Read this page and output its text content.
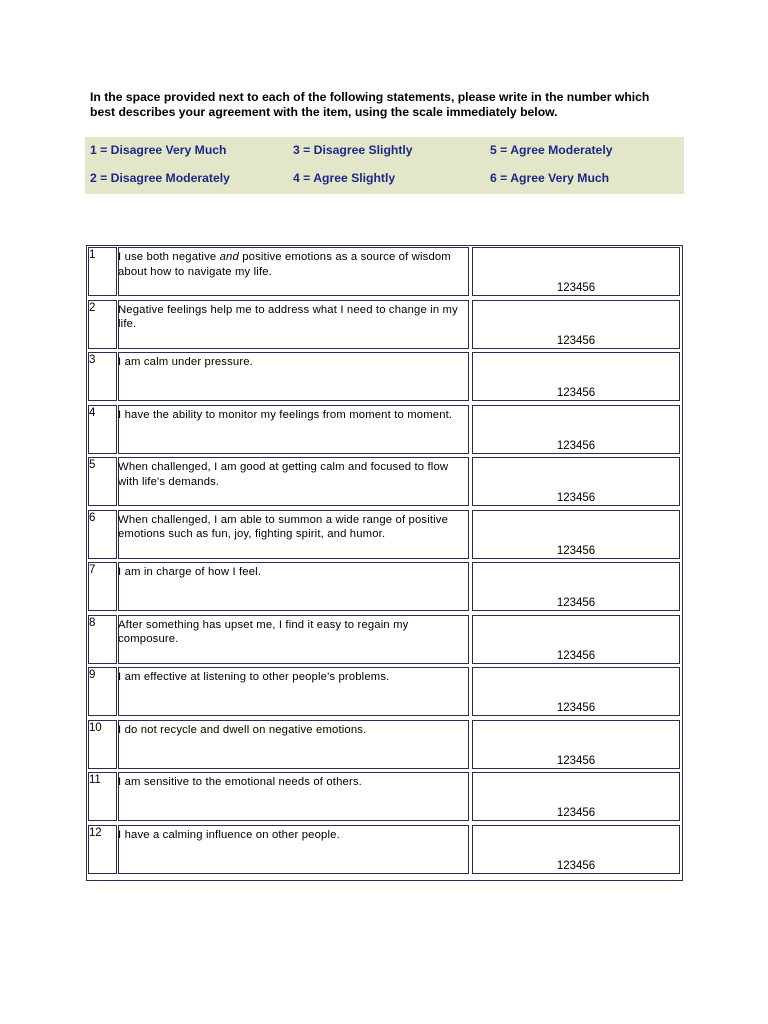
In the space provided next to each of the following statements, please write in the number which
best describes your agreement with the item, using the scale immediately below.
1 = Disagree Very Much	3 = Disagree Slightly	5 = Agree Moderately
2 = Disagree Moderately	4 = Agree Slightly	6 = Agree Very Much
1 I use both negative and positive emotions as a source of wisdom about how to navigate my life.
123456
2 Negative feelings help me to address what I need to change in my life.
123456
3 I am calm under pressure.
123456
4 I have the ability to monitor my feelings from moment to moment.
123456
5 When challenged, I am good at getting calm and focused to flow with life's demands.
123456
6 When challenged, I am able to summon a wide range of positive emotions such as fun, joy, fighting spirit, and humor.
123456
7 I am in charge of how I feel.
123456
8 After something has upset me, I find it easy to regain my composure.
123456
9 I am effective at listening to other people's problems.
123456
10 I do not recycle and dwell on negative emotions.
123456
11 I am sensitive to the emotional needs of others.
123456
12 I have a calming influence on other people.
123456
